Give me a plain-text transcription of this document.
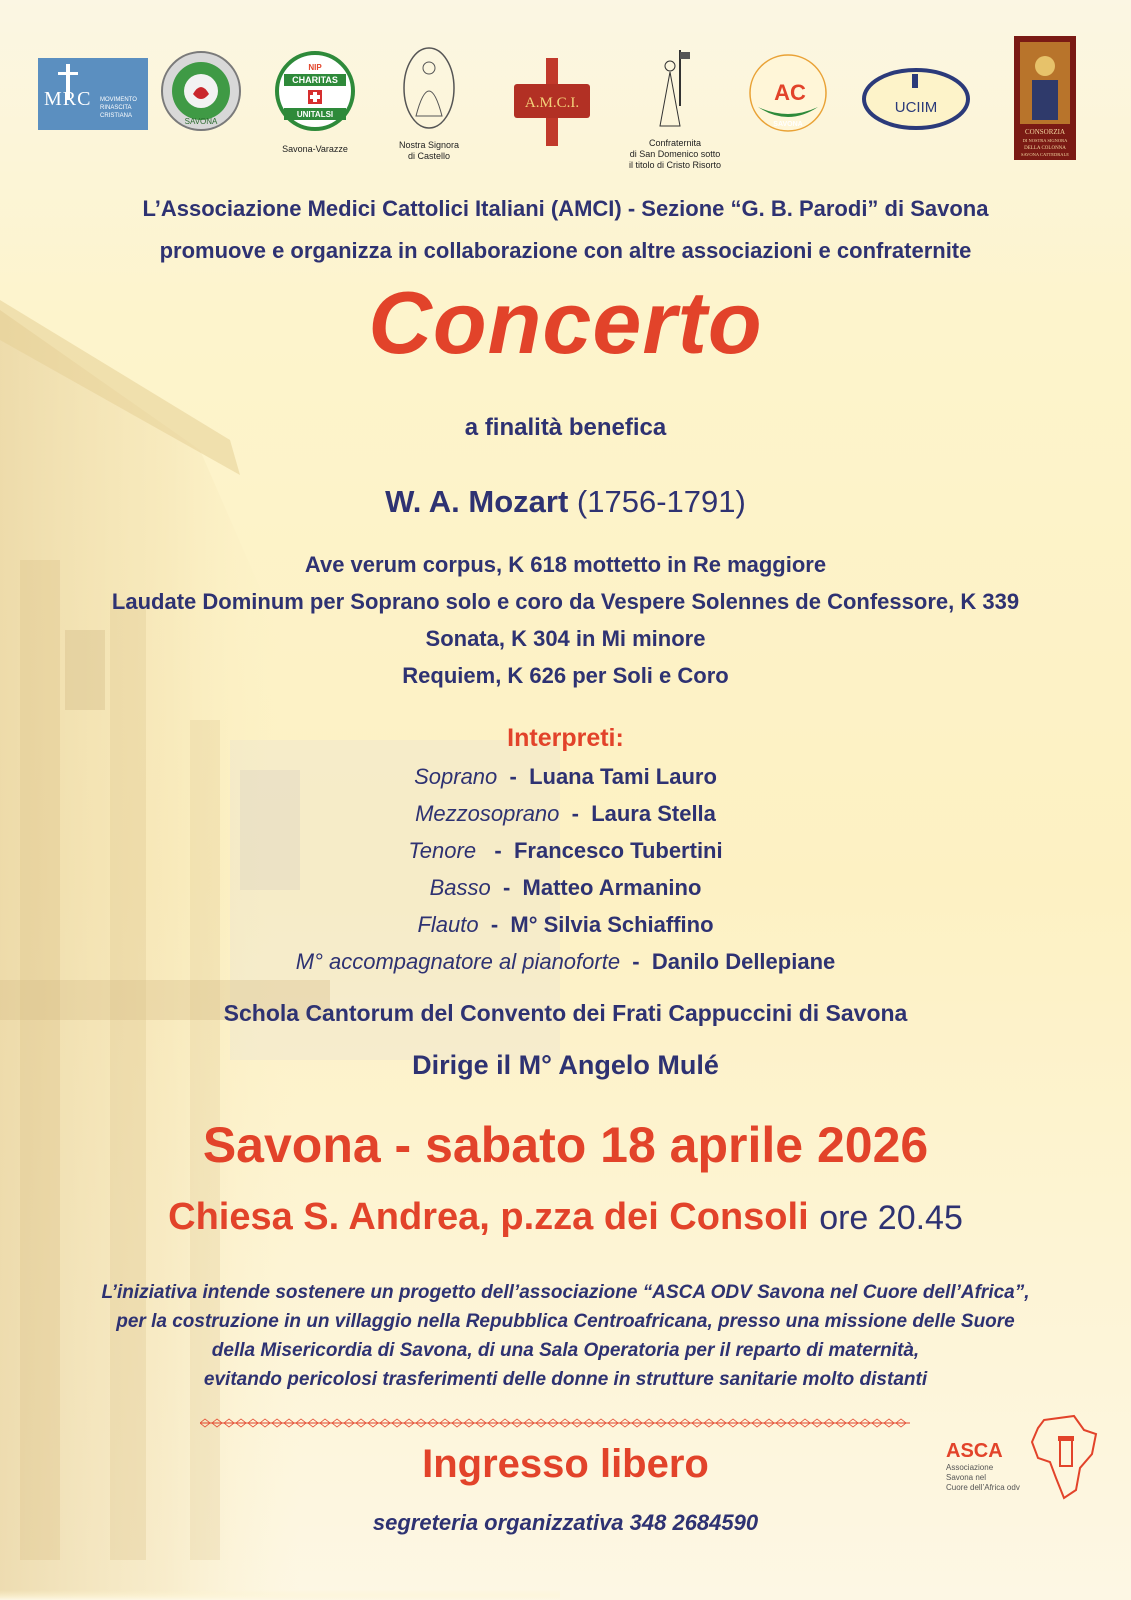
MRC MOVIMENTO
RINASCITA
CRISTIANA
SAVONA
CHARITAS
NIP
UNITALSI
Savona-Varazze	Nostra Signora
di Castello
A.M.C.I.
Confraternita
di San Domenico sotto
il titolo di Cristo Risorto
AC
SAVONA
UCIIM
CONSORZIA
DI NOSTRA SIGNORA
DELLA COLONNA
SAVONA CATTEDRALE
L’Associazione Medici Cattolici Italiani (AMCI) - Sezione “G. B. Parodi” di Savona
promuove e organizza in collaborazione con altre associazioni e confraternite
Concerto
a finalità benefica
W. A. Mozart (1756-1791)
Ave verum corpus, K 618 mottetto in Re maggiore
Laudate Dominum per Soprano solo e coro da Vespere Solennes de Confessore, K 339
Sonata, K 304 in Mi minore
Requiem, K 626 per Soli e Coro
Interpreti:
Soprano  -  Luana Tami Lauro
Mezzosoprano  -  Laura Stella
Tenore   -  Francesco Tubertini
Basso  -  Matteo Armanino
Flauto  -  M° Silvia Schiaffino
M° accompagnatore al pianoforte  -  Danilo Dellepiane
Schola Cantorum del Convento dei Frati Cappuccini di Savona
Dirige il M° Angelo Mulé
Savona - sabato 18 aprile 2026
Chiesa S. Andrea, p.zza dei Consoli ore 20.45
L’iniziativa intende sostenere un progetto dell’associazione “ASCA ODV Savona nel Cuore dell’Africa”,
per la costruzione in un villaggio nella Repubblica Centroafricana, presso una missione delle Suore
della Misericordia di Savona, di una Sala Operatoria per il reparto di maternità,
evitando pericolosi trasferimenti delle donne in strutture sanitarie molto distanti
ASCA
Associazione
Savona nel
Cuore dell’Africa odv
Ingresso libero
segreteria organizzativa 348 2684590
